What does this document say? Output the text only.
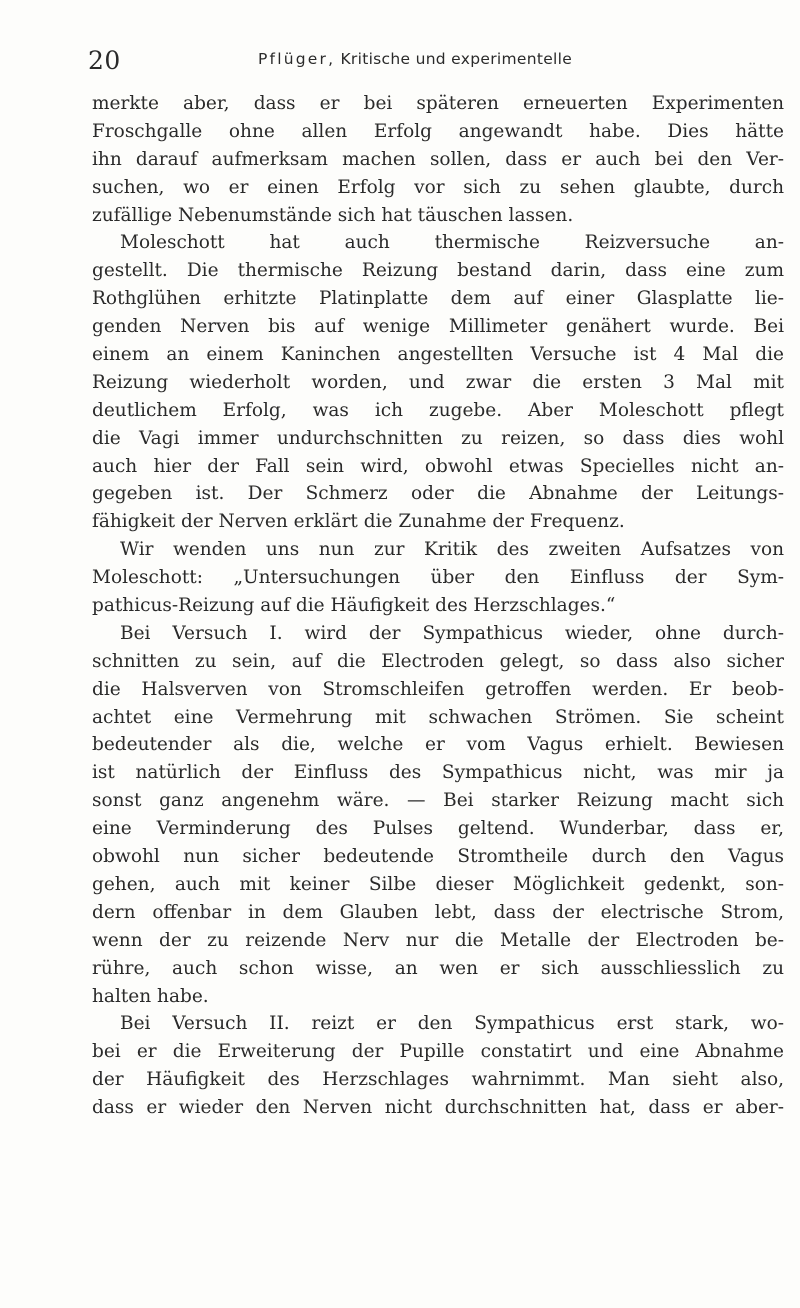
20	Pflüger, Kritische und experimentelle
merkte aber, dass er bei späteren erneuerten Experimenten
Froschgalle ohne allen Erfolg angewandt habe. Dies hätte
ihn darauf aufmerksam machen sollen, dass er auch bei den Ver-
suchen, wo er einen Erfolg vor sich zu sehen glaubte, durch
zufällige Nebenumstände sich hat täuschen lassen.
Moleschott hat auch thermische Reizversuche an-
gestellt. Die thermische Reizung bestand darin, dass eine zum
Rothglühen erhitzte Platinplatte dem auf einer Glasplatte lie-
genden Nerven bis auf wenige Millimeter genähert wurde. Bei
einem an einem Kaninchen angestellten Versuche ist 4 Mal die
Reizung wiederholt worden, und zwar die ersten 3 Mal mit
deutlichem Erfolg, was ich zugebe. Aber Moleschott pflegt
die Vagi immer undurchschnitten zu reizen, so dass dies wohl
auch hier der Fall sein wird, obwohl etwas Specielles nicht an-
gegeben ist. Der Schmerz oder die Abnahme der Leitungs-
fähigkeit der Nerven erklärt die Zunahme der Frequenz.
Wir wenden uns nun zur Kritik des zweiten Aufsatzes von
Moleschott: „Untersuchungen über den Einfluss der Sym-
pathicus-Reizung auf die Häufigkeit des Herzschlages.“
Bei Versuch I. wird der Sympathicus wieder, ohne durch-
schnitten zu sein, auf die Electroden gelegt, so dass also sicher
die Halsverven von Stromschleifen getroffen werden. Er beob-
achtet eine Vermehrung mit schwachen Strömen. Sie scheint
bedeutender als die, welche er vom Vagus erhielt. Bewiesen
ist natürlich der Einfluss des Sympathicus nicht, was mir ja
sonst ganz angenehm wäre. — Bei starker Reizung macht sich
eine Verminderung des Pulses geltend. Wunderbar, dass er,
obwohl nun sicher bedeutende Stromtheile durch den Vagus
gehen, auch mit keiner Silbe dieser Möglichkeit gedenkt, son-
dern offenbar in dem Glauben lebt, dass der electrische Strom,
wenn der zu reizende Nerv nur die Metalle der Electroden be-
rühre, auch schon wisse, an wen er sich ausschliesslich zu
halten habe.
Bei Versuch II. reizt er den Sympathicus erst stark, wo-
bei er die Erweiterung der Pupille constatirt und eine Abnahme
der Häufigkeit des Herzschlages wahrnimmt. Man sieht also,
dass er wieder den Nerven nicht durchschnitten hat, dass er aber-
